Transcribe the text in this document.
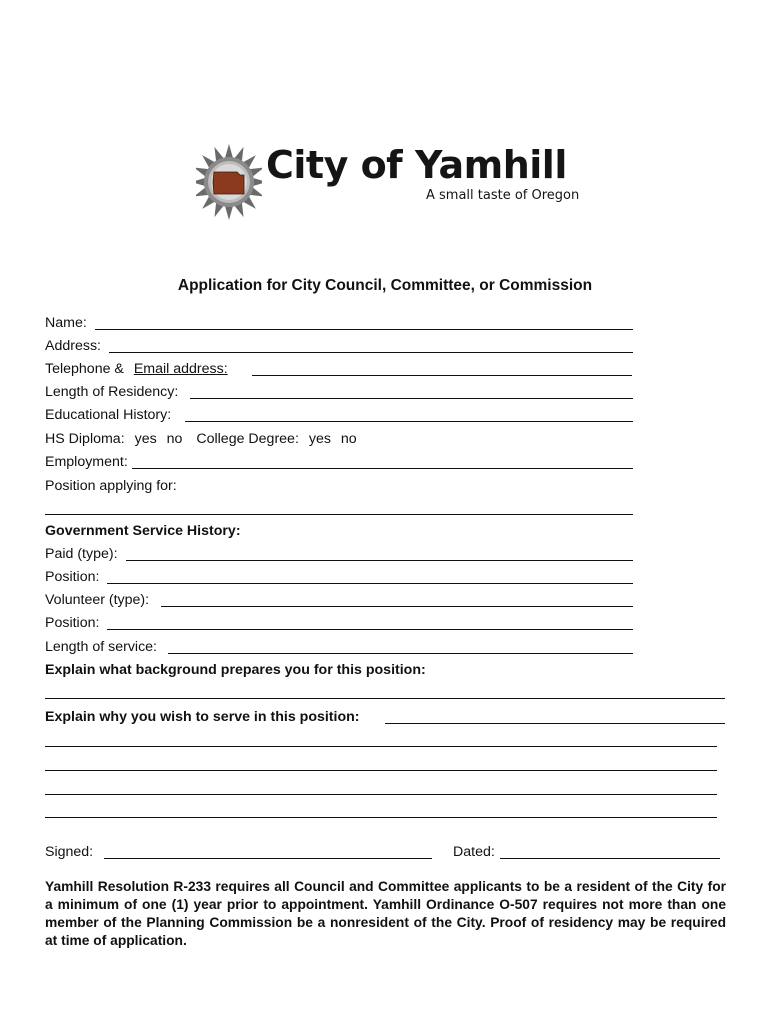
City of Yamhill
A small taste of Oregon
Application for City Council, Committee, or Commission
Name:
Address:
Telephone & Email address:
Length of Residency:
Educational History:
HS Diploma: yes no College Degree: yes no
Employment:
Position applying for:
Government Service History:
Paid (type):
Position:
Volunteer (type):
Position:
Length of service:
Explain what background prepares you for this position:
Explain why you wish to serve in this position:
Signed:	Dated:
Yamhill Resolution R-233 requires all Council and Committee applicants to be a resident of the City for a minimum of one (1) year prior to appointment. Yamhill Ordinance O-507 requires not more than one member of the Planning Commission be a nonresident of the City. Proof of residency may be required at time of application.
